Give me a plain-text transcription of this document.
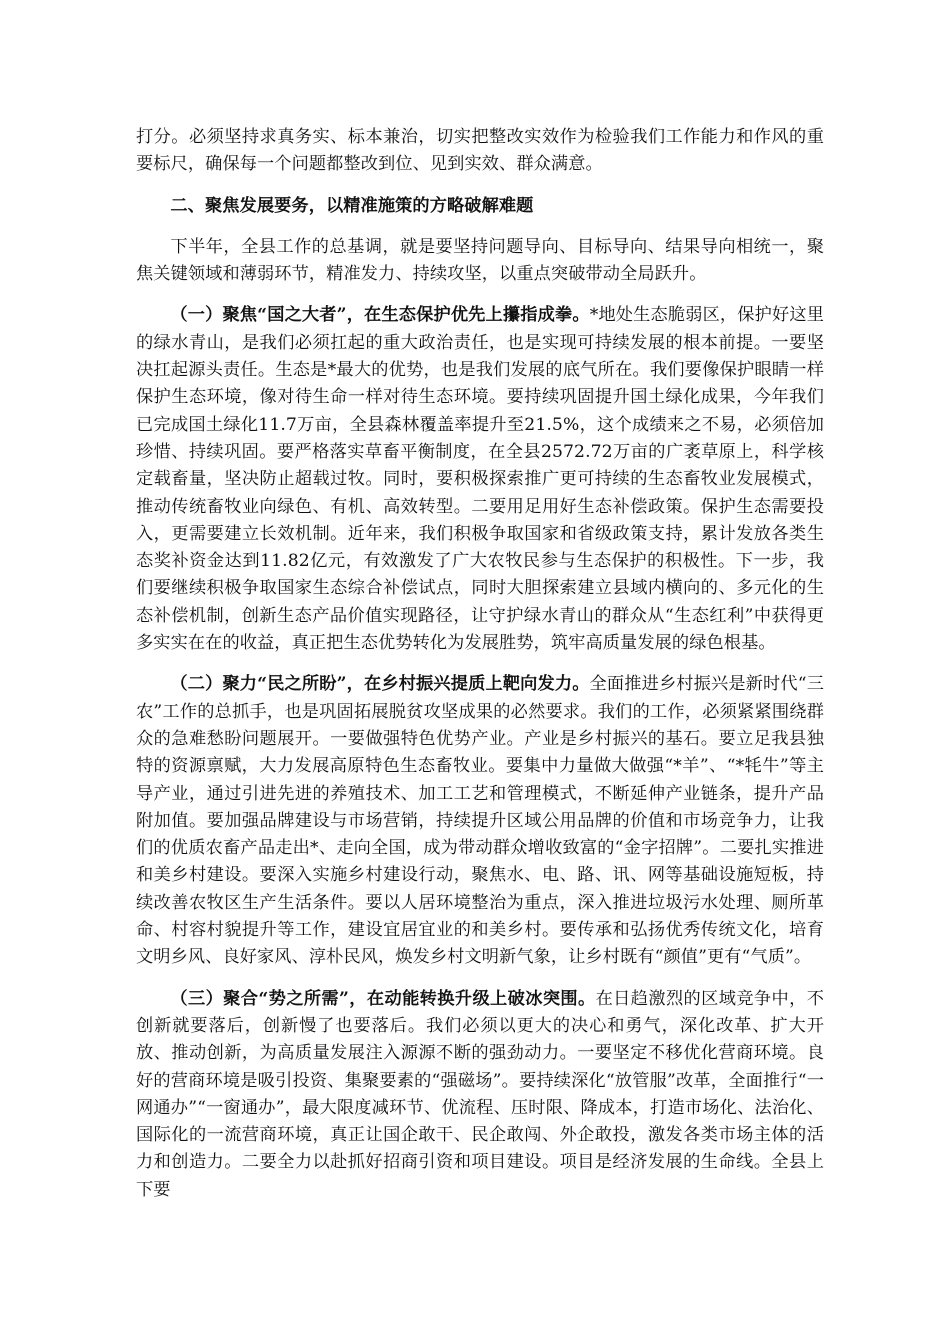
打分。必须坚持求真务实、标本兼治，切实把整改实效作为检验我们工作能力和作风的重要标尺，确保每一个问题都整改到位、见到实效、群众满意。

二、聚焦发展要务，以精准施策的方略破解难题

下半年，全县工作的总基调，就是要坚持问题导向、目标导向、结果导向相统一，聚焦关键领域和薄弱环节，精准发力、持续攻坚，以重点突破带动全局跃升。

（一）聚焦“国之大者”，在生态保护优先上攥指成拳。*地处生态脆弱区，保护好这里的绿水青山，是我们必须扛起的重大政治责任，也是实现可持续发展的根本前提。一要坚决扛起源头责任。生态是*最大的优势，也是我们发展的底气所在。我们要像保护眼睛一样保护生态环境，像对待生命一样对待生态环境。要持续巩固提升国土绿化成果，今年我们已完成国土绿化11.7万亩，全县森林覆盖率提升至21.5%，这个成绩来之不易，必须倍加珍惜、持续巩固。要严格落实草畜平衡制度，在全县2572.72万亩的广袤草原上，科学核定载畜量，坚决防止超载过牧。同时，要积极探索推广更可持续的生态畜牧业发展模式，推动传统畜牧业向绿色、有机、高效转型。二要用足用好生态补偿政策。保护生态需要投入，更需要建立长效机制。近年来，我们积极争取国家和省级政策支持，累计发放各类生态奖补资金达到11.82亿元，有效激发了广大农牧民参与生态保护的积极性。下一步，我们要继续积极争取国家生态综合补偿试点，同时大胆探索建立县域内横向的、多元化的生态补偿机制，创新生态产品价值实现路径，让守护绿水青山的群众从“生态红利”中获得更多实实在在的收益，真正把生态优势转化为发展胜势，筑牢高质量发展的绿色根基。

（二）聚力“民之所盼”，在乡村振兴提质上靶向发力。全面推进乡村振兴是新时代“三农”工作的总抓手，也是巩固拓展脱贫攻坚成果的必然要求。我们的工作，必须紧紧围绕群众的急难愁盼问题展开。一要做强特色优势产业。产业是乡村振兴的基石。要立足我县独特的资源禀赋，大力发展高原特色生态畜牧业。要集中力量做大做强“*羊”、“*牦牛”等主导产业，通过引进先进的养殖技术、加工工艺和管理模式，不断延伸产业链条，提升产品附加值。要加强品牌建设与市场营销，持续提升区域公用品牌的价值和市场竞争力，让我们的优质农畜产品走出*、走向全国，成为带动群众增收致富的“金字招牌”。二要扎实推进和美乡村建设。要深入实施乡村建设行动，聚焦水、电、路、讯、网等基础设施短板，持续改善农牧区生产生活条件。要以人居环境整治为重点，深入推进垃圾污水处理、厕所革命、村容村貌提升等工作，建设宜居宜业的和美乡村。要传承和弘扬优秀传统文化，培育文明乡风、良好家风、淳朴民风，焕发乡村文明新气象，让乡村既有“颜值”更有“气质”。

（三）聚合“势之所需”，在动能转换升级上破冰突围。在日趋激烈的区域竞争中，不创新就要落后，创新慢了也要落后。我们必须以更大的决心和勇气，深化改革、扩大开放、推动创新，为高质量发展注入源源不断的强劲动力。一要坚定不移优化营商环境。良好的营商环境是吸引投资、集聚要素的“强磁场”。要持续深化“放管服”改革，全面推行“一网通办”“一窗通办”，最大限度减环节、优流程、压时限、降成本，打造市场化、法治化、国际化的一流营商环境，真正让国企敢干、民企敢闯、外企敢投，激发各类市场主体的活力和创造力。二要全力以赴抓好招商引资和项目建设。项目是经济发展的生命线。全县上下要
